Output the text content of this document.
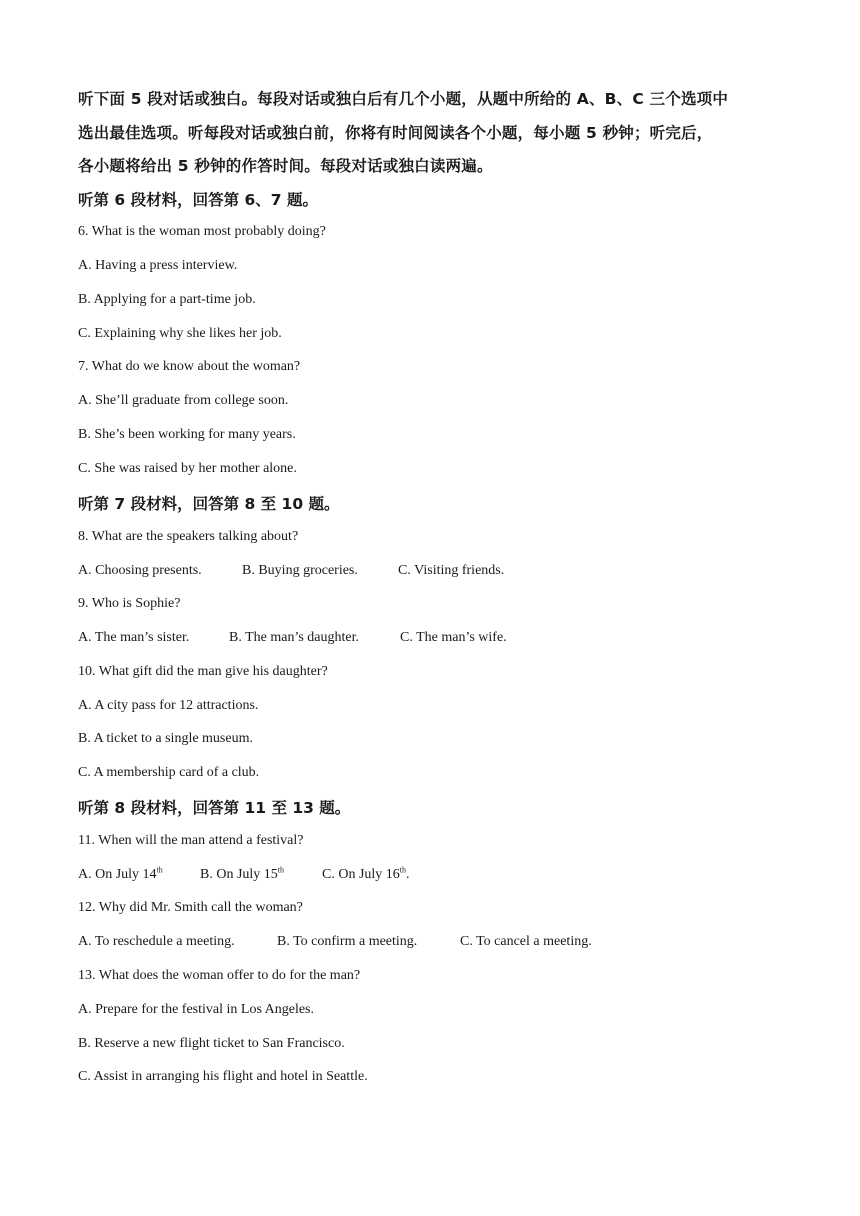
听下面 5 段对话或独白。每段对话或独白后有几个小题，从题中所给的 A、B、C 三个选项中
选出最佳选项。听每段对话或独白前，你将有时间阅读各个小题，每小题 5 秒钟；听完后，
各小题将给出 5 秒钟的作答时间。每段对话或独白读两遍。
听第 6 段材料，回答第 6、7 题。
6. What is the woman most probably doing?
A. Having a press interview.
B. Applying for a part-time job.
C. Explaining why she likes her job.
7. What do we know about the woman?
A. She’ll graduate from college soon.
B. She’s been working for many years.
C. She was raised by her mother alone.
听第 7 段材料，回答第 8 至 10 题。
8. What are the speakers talking about?
A. Choosing presents.	B. Buying groceries.	C. Visiting friends.
9. Who is Sophie?
A. The man’s sister.	B. The man’s daughter.	C. The man’s wife.
10. What gift did the man give his daughter?
A. A city pass for 12 attractions.
B. A ticket to a single museum.
C. A membership card of a club.
听第 8 段材料，回答第 11 至 13 题。
11. When will the man attend a festival?
A. On July 14th	B. On July 15th	C. On July 16th.
12. Why did Mr. Smith call the woman?
A. To reschedule a meeting.	B. To confirm a meeting.	C. To cancel a meeting.
13. What does the woman offer to do for the man?
A. Prepare for the festival in Los Angeles.
B. Reserve a new flight ticket to San Francisco.
C. Assist in arranging his flight and hotel in Seattle.
